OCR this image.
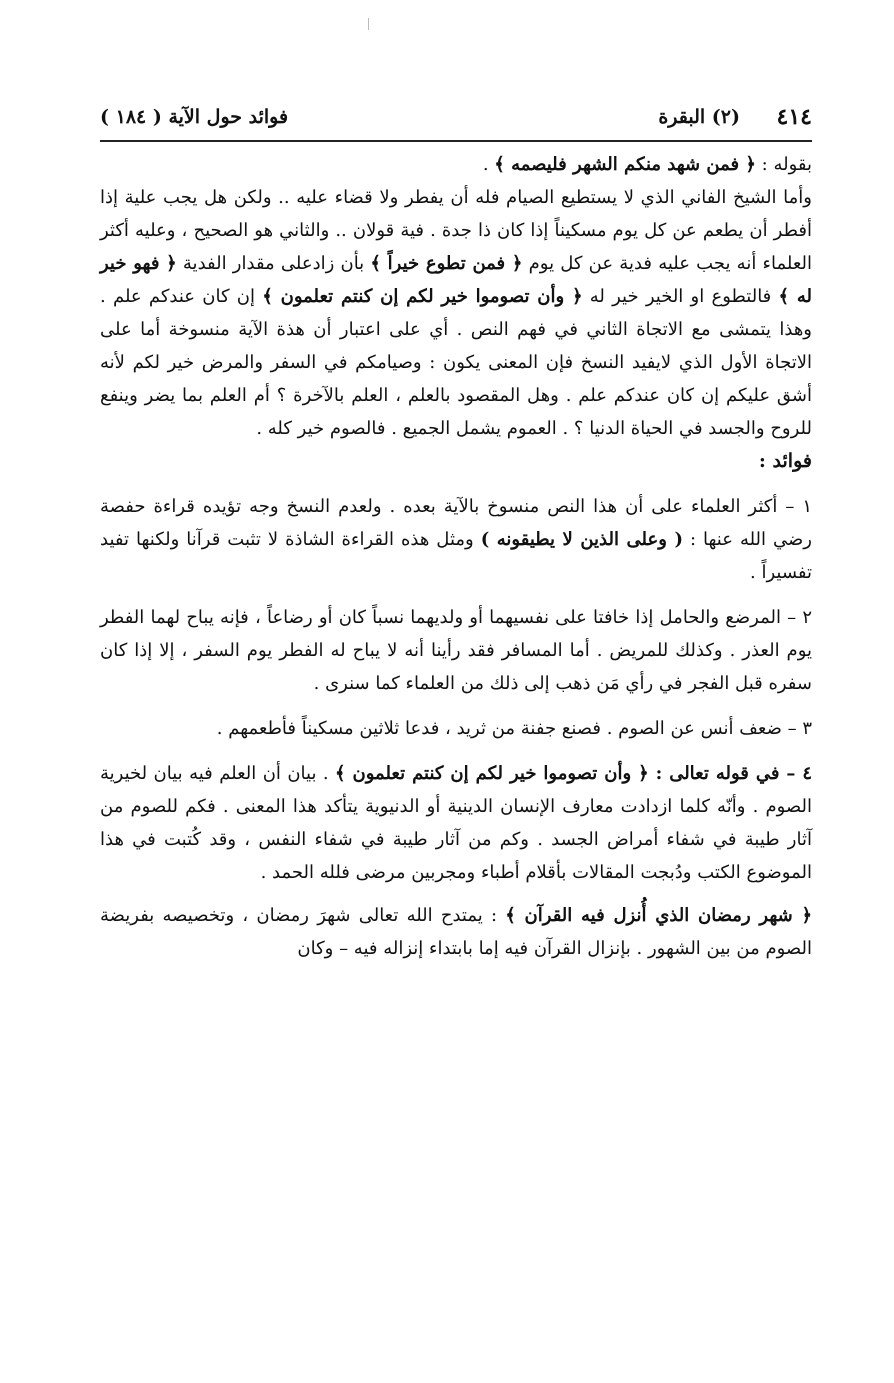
٤١٤
(٢) البقرة
فوائد حول الآية ( ١٨٤ )

بقوله : ﴿ فمن شهد منكم الشهر فليصمه ﴾ .

وأما الشيخ الفاني الذي لا يستطيع الصيام فله أن يفطر ولا قضاء عليه .. ولكن هل يجب علية إذا أفطر أن يطعم عن كل يوم مسكيناً إذا كان ذا جدة . فية قولان .. والثاني هو الصحيح ، وعليه أكثر العلماء أنه يجب عليه فدية عن كل يوم ﴿ فمن تطوع خيراً ﴾ بأن زادعلى مقدار الفدية ﴿ فهو خير له ﴾ فالتطوع او الخير خير له ﴿ وأن تصوموا خير لكم إن كنتم تعلمون ﴾ إن كان عندكم علم . وهذا يتمشى مع الاتجاة الثاني في فهم النص . أي على اعتبار أن هذة الآية منسوخة أما على الاتجاة الأول الذي لايفيد النسخ فإن المعنى يكون : وصيامكم في السفر والمرض خير لكم لأنه أشق عليكم إن كان عندكم علم . وهل المقصود بالعلم ، العلم بالآخرة ؟ أم العلم بما يضر وينفع للروح والجسد في الحياة الدنيا ؟ . العموم يشمل الجميع . فالصوم خير كله .

فوائد :

١ – أكثر العلماء على أن هذا النص منسوخ بالآية بعده . ولعدم النسخ وجه تؤيده قراءة حفصة رضي الله عنها : ( وعلى الذين لا يطيقونه ) ومثل هذه القراءة الشاذة لا تثبت قرآنا ولكنها تفيد تفسيراً .

٢ – المرضع والحامل إذا خافتا على نفسيهما أو ولديهما نسباً كان أو رضاعاً ، فإنه يباح لهما الفطر يوم العذر . وكذلك للمريض . أما المسافر فقد رأينا أنه لا يباح له الفطر يوم السفر ، إلا إذا كان سفره قبل الفجر في رأي مَن ذهب إلى ذلك من العلماء كما سنرى .

٣ – ضعف أنس عن الصوم . فصنع جفنة من ثريد ، فدعا ثلاثين مسكيناً فأطعمهم .

٤ – في قوله تعالى : ﴿ وأن تصوموا خير لكم إن كنتم تعلمون ﴾ . بيان أن العلم فيه بيان لخيرية الصوم . وأنّه كلما ازدادت معارف الإنسان الدينية أو الدنيوية يتأكد هذا المعنى . فكم للصوم من آثار طيبة في شفاء أمراض الجسد . وكم من آثار طيبة في شفاء النفس ، وقد كُتبت في هذا الموضوع الكتب ودُبجت المقالات بأقلام أطباء ومجربين مرضى فلله الحمد .

﴿ شهر رمضان الذي أُنزل فيه القرآن ﴾ : يمتدح الله تعالى شهرَ رمضان ، وتخصيصه بفريضة الصوم من بين الشهور . بإنزال القرآن فيه إما بابتداء إنزاله فيه – وكان
